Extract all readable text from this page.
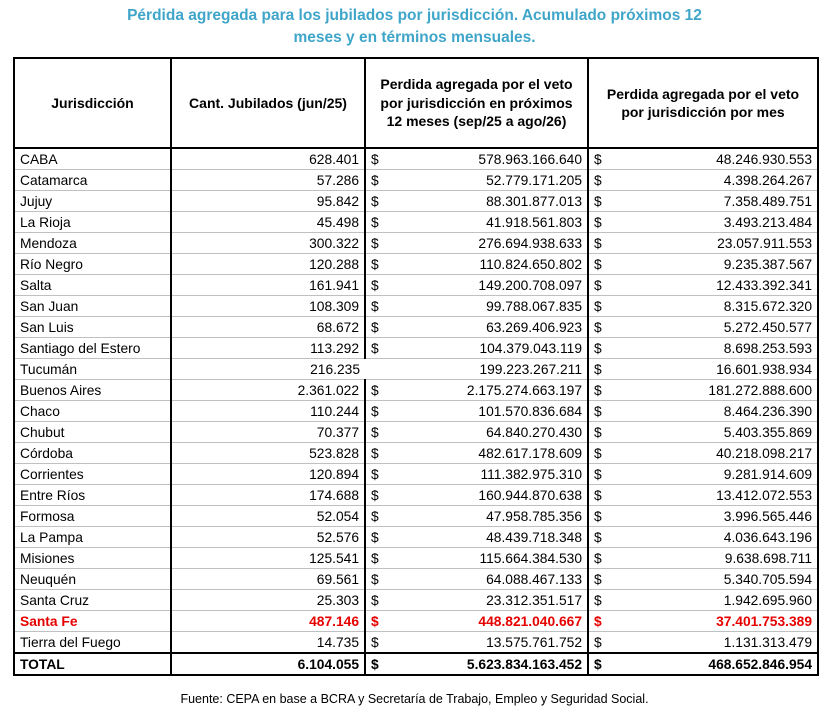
Pérdida agregada para los jubilados por jurisdicción. Acumulado próximos 12
meses y en términos mensuales.
Jurisdicción	Cant. Jubilados (jun/25)	Perdida agregada por el veto por jurisdicción en próximos 12 meses (sep/25 a ago/26)	Perdida agregada por el veto por jurisdicción por mes
CABA	628.401	$ 578.963.166.640	$ 48.246.930.553
Catamarca	57.286	$ 52.779.171.205	$ 4.398.264.267
Jujuy	95.842	$ 88.301.877.013	$ 7.358.489.751
La Rioja	45.498	$ 41.918.561.803	$ 3.493.213.484
Mendoza	300.322	$ 276.694.938.633	$ 23.057.911.553
Río Negro	120.288	$ 110.824.650.802	$ 9.235.387.567
Salta	161.941	$ 149.200.708.097	$ 12.433.392.341
San Juan	108.309	$ 99.788.067.835	$ 8.315.672.320
San Luis	68.672	$ 63.269.406.923	$ 5.272.450.577
Santiago del Estero	113.292	$ 104.379.043.119	$ 8.698.253.593
Tucumán	216.235	199.223.267.211	$ 16.601.938.934
Buenos Aires	2.361.022	$ 2.175.274.663.197	$ 181.272.888.600
Chaco	110.244	$ 101.570.836.684	$ 8.464.236.390
Chubut	70.377	$ 64.840.270.430	$ 5.403.355.869
Córdoba	523.828	$ 482.617.178.609	$ 40.218.098.217
Corrientes	120.894	$ 111.382.975.310	$ 9.281.914.609
Entre Ríos	174.688	$ 160.944.870.638	$ 13.412.072.553
Formosa	52.054	$ 47.958.785.356	$ 3.996.565.446
La Pampa	52.576	$ 48.439.718.348	$ 4.036.643.196
Misiones	125.541	$ 115.664.384.530	$ 9.638.698.711
Neuquén	69.561	$ 64.088.467.133	$ 5.340.705.594
Santa Cruz	25.303	$ 23.312.351.517	$ 1.942.695.960
Santa Fe	487.146	$ 448.821.040.667	$ 37.401.753.389
Tierra del Fuego	14.735	$ 13.575.761.752	$ 1.131.313.479
TOTAL	6.104.055	$ 5.623.834.163.452	$ 468.652.846.954
Fuente: CEPA en base a BCRA y Secretaría de Trabajo, Empleo y Seguridad Social.
